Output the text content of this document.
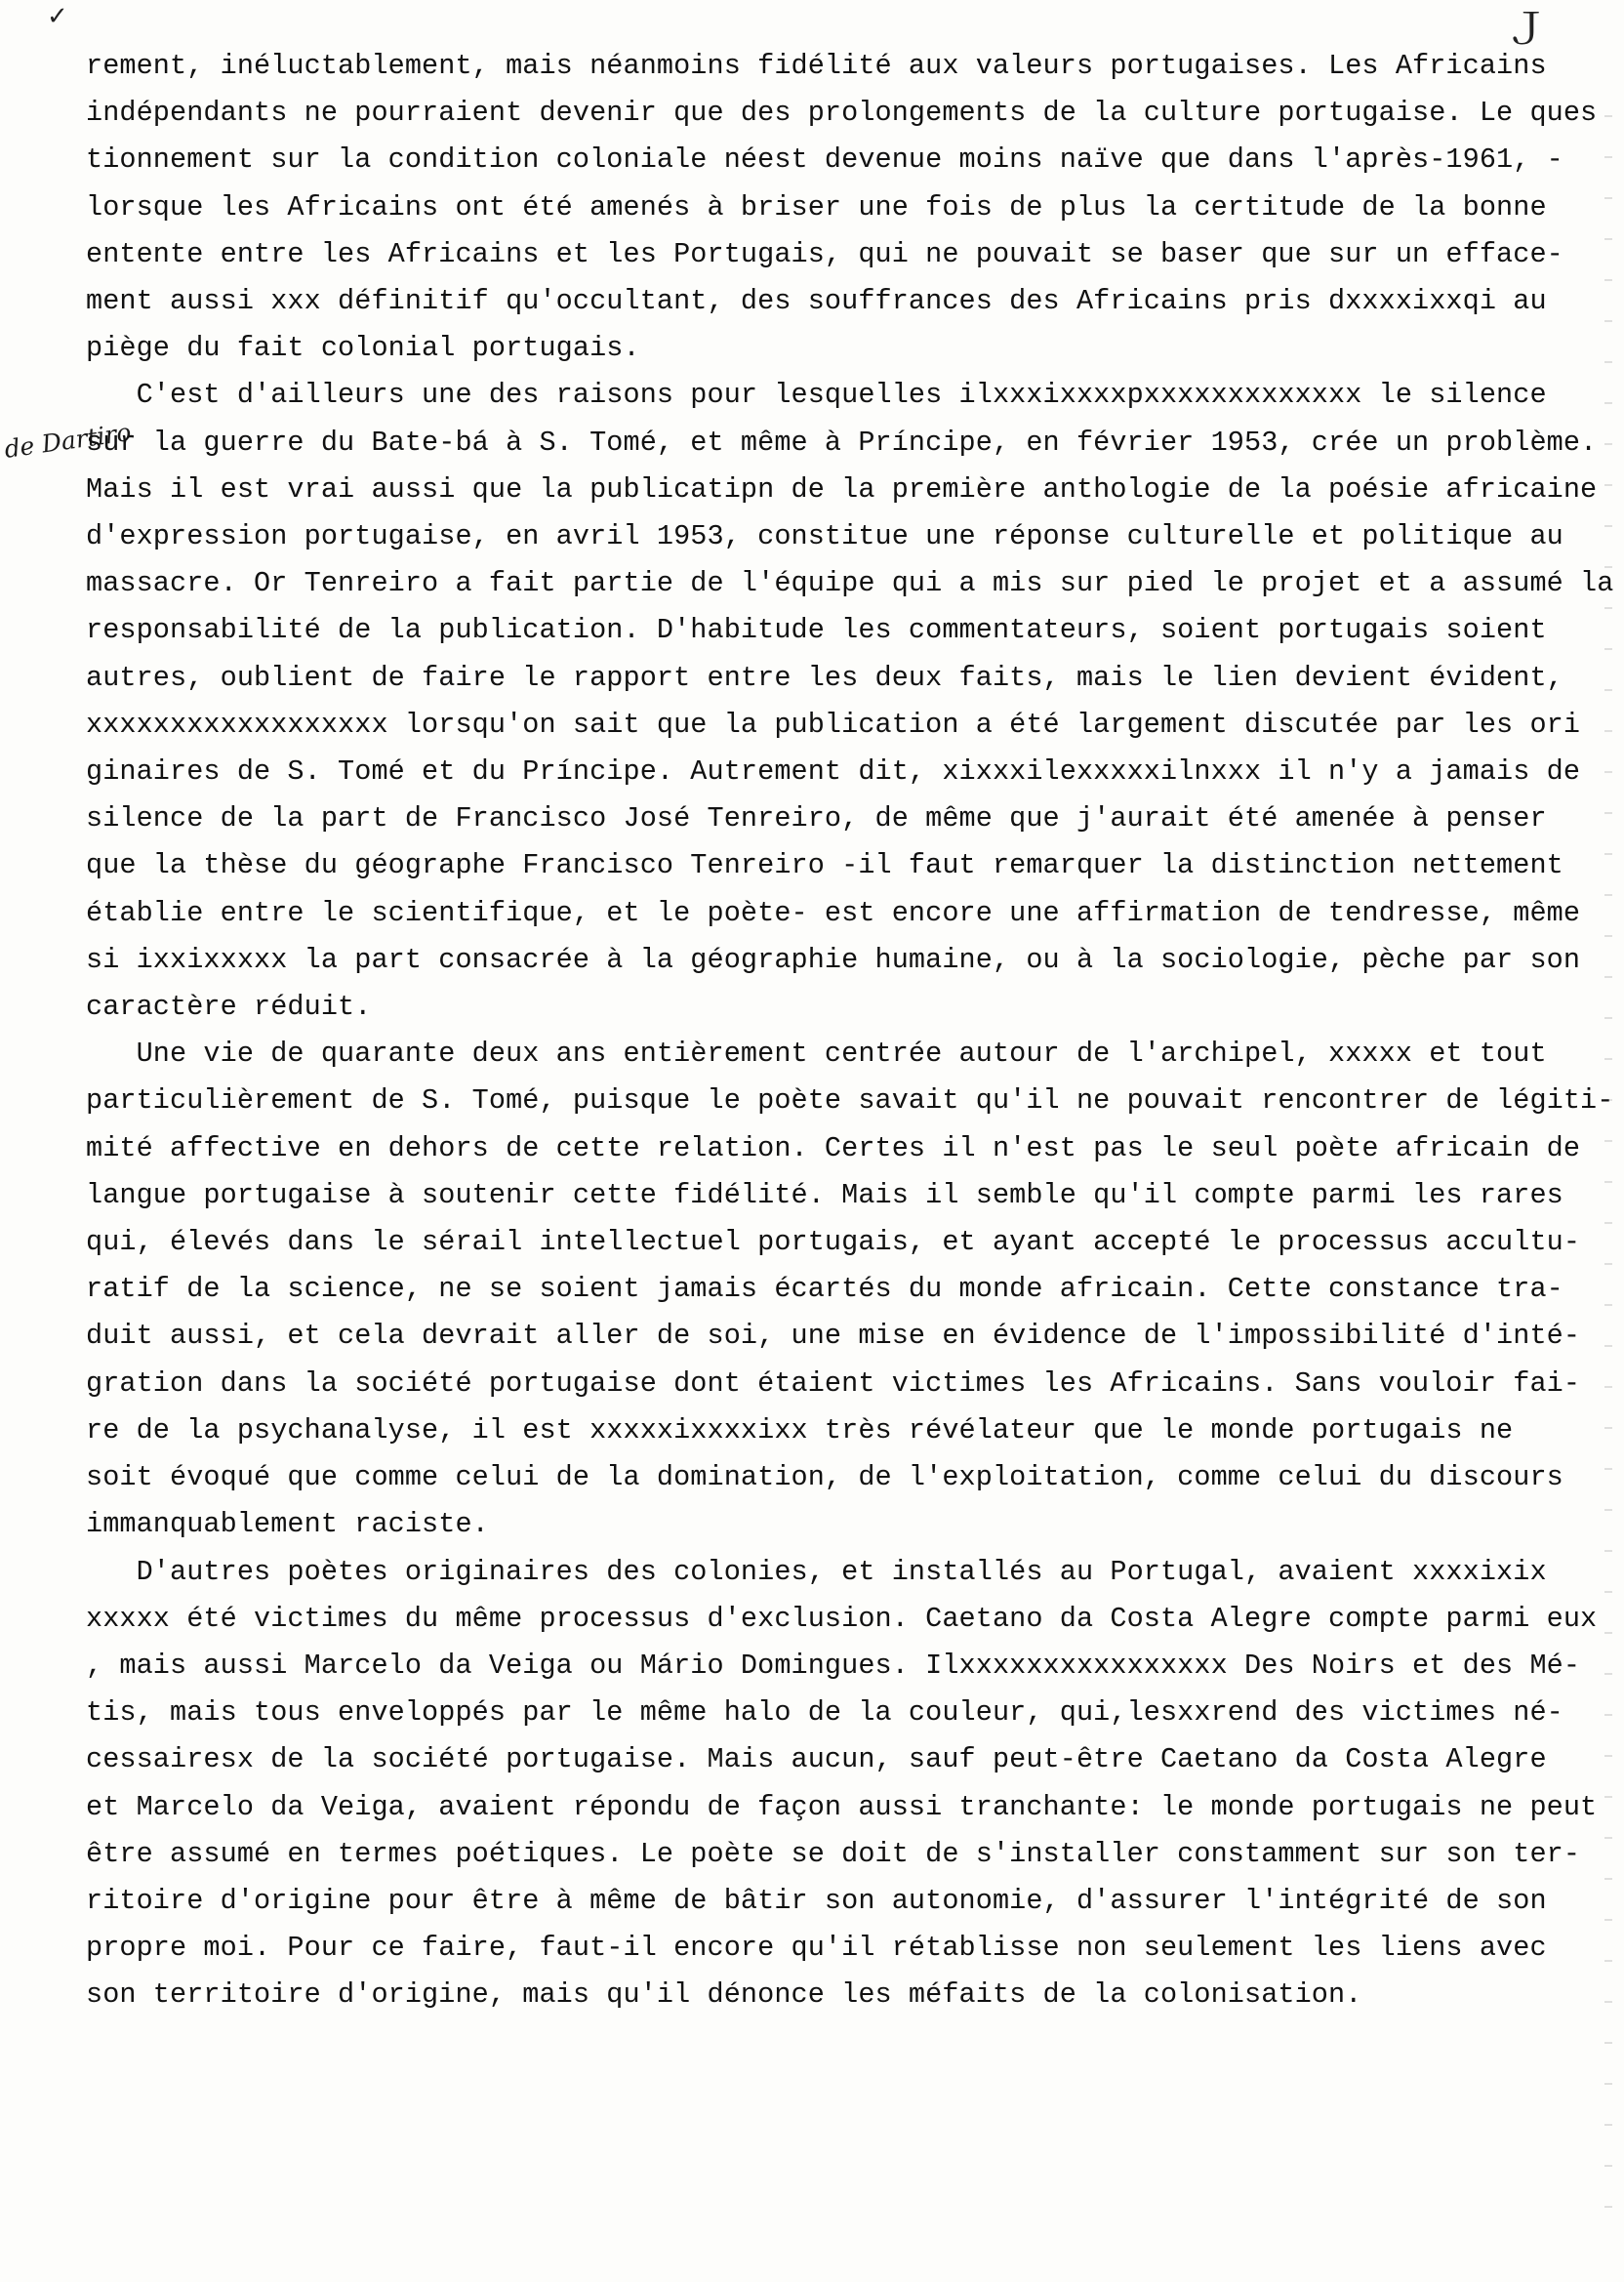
✓	Ｊ
de Dartiro

rement, inéluctablement, mais néanmoins fidélité aux valeurs portugaises. Les Africains

indépendants ne pourraient devenir que des prolongements de la culture portugaise. Le ques

tionnement sur la condition coloniale néest devenue moins naïve que dans l'après-1961, -

lorsque les Africains ont été amenés à briser une fois de plus la certitude de la bonne

entente entre les Africains et les Portugais, qui ne pouvait se baser que sur un efface-

ment aussi xxx définitif qu'occultant, des souffrances des Africains pris dxxxxixxqi au

piège du fait colonial portugais.

C'est d'ailleurs une des raisons pour lesquelles ilxxxixxxxpxxxxxxxxxxxxx le silence

sur la guerre du Bate-bá à S. Tomé, et même à Príncipe, en février 1953, crée un problème.

Mais il est vrai aussi que la publicatipn de la première anthologie de la poésie africaine

d'expression portugaise, en avril 1953, constitue une réponse culturelle et politique au

massacre. Or Tenreiro a fait partie de l'équipe qui a mis sur pied le projet et a assumé la

responsabilité de la publication. D'habitude les commentateurs, soient portugais soient

autres, oublient de faire le rapport entre les deux faits, mais le lien devient évident,

xxxxxxxxxxxxxxxxxx lorsqu'on sait que la publication a été largement discutée par les ori

ginaires de S. Tomé et du Príncipe. Autrement dit, xixxxilexxxxxilnxxx il n'y a jamais de

silence de la part de Francisco José Tenreiro, de même que j'aurait été amenée à penser

que la thèse du géographe Francisco Tenreiro -il faut remarquer la distinction nettement

établie entre le scientifique, et le poète- est encore une affirmation de tendresse, même

si ixxixxxxx la part consacrée à la géographie humaine, ou à la sociologie, pèche par son

caractère réduit.

Une vie de quarante deux ans entièrement centrée autour de l'archipel, xxxxx et tout

particulièrement de S. Tomé, puisque le poète savait qu'il ne pouvait rencontrer de légiti-

mité affective en dehors de cette relation. Certes il n'est pas le seul poète africain de

langue portugaise à soutenir cette fidélité. Mais il semble qu'il compte parmi les rares

qui, élevés dans le sérail intellectuel portugais, et ayant accepté le processus accultu-

ratif de la science, ne se soient jamais écartés du monde africain. Cette constance tra-

duit aussi, et cela devrait aller de soi, une mise en évidence de l'impossibilité d'inté-

gration dans la société portugaise dont étaient victimes les Africains. Sans vouloir fai-

re de la psychanalyse, il est xxxxxixxxxixx très révélateur que le monde portugais ne

soit évoqué que comme celui de la domination, de l'exploitation, comme celui du discours

immanquablement raciste.

D'autres poètes originaires des colonies, et installés au Portugal, avaient xxxxixix

xxxxx été victimes du même processus d'exclusion. Caetano da Costa Alegre compte parmi eux

, mais aussi Marcelo da Veiga ou Mário Domingues. Ilxxxxxxxxxxxxxxxx Des Noirs et des Mé-

tis, mais tous enveloppés par le même halo de la couleur, qui,lesxxrend des victimes né-

cessairesx de la société portugaise. Mais aucun, sauf peut-être Caetano da Costa Alegre

et Marcelo da Veiga, avaient répondu de façon aussi tranchante: le monde portugais ne peut

être assumé en termes poétiques. Le poète se doit de s'installer constamment sur son ter-

ritoire d'origine pour être à même de bâtir son autonomie, d'assurer l'intégrité de son

propre moi. Pour ce faire, faut-il encore qu'il rétablisse non seulement les liens avec

son territoire d'origine, mais qu'il dénonce les méfaits de la colonisation.
